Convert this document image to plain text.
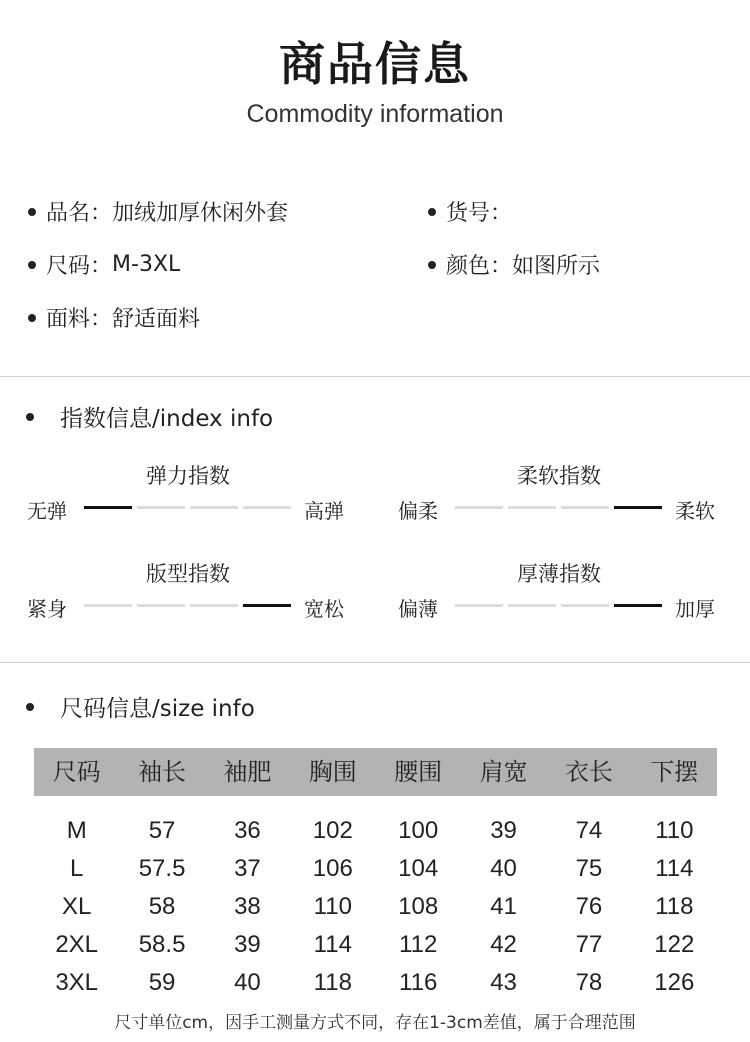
商品信息
Commodity information
品名 ：	加绒加厚休闲外套	货号 ：
尺码 ：	M-3XL	颜色 ：	如图所示
面料 ：	舒适面料
指数信息/index info
弹力指数
无弹	高弹
柔软指数
偏柔	柔软
版型指数
紧身	宽松
厚薄指数
偏薄	加厚
尺码信息/size info
尺码	袖长	袖肥	胸围	腰围	肩宽	衣长	下摆
M	57	36	102	100	39	74	110
L	57.5	37	106	104	40	75	114
XL	58	38	110	108	41	76	118
2XL	58.5	39	114	112	42	77	122
3XL	59	40	118	116	43	78	126
尺寸单位cm，因手工测量方式不同，存在1-3cm差值，属于合理范围
